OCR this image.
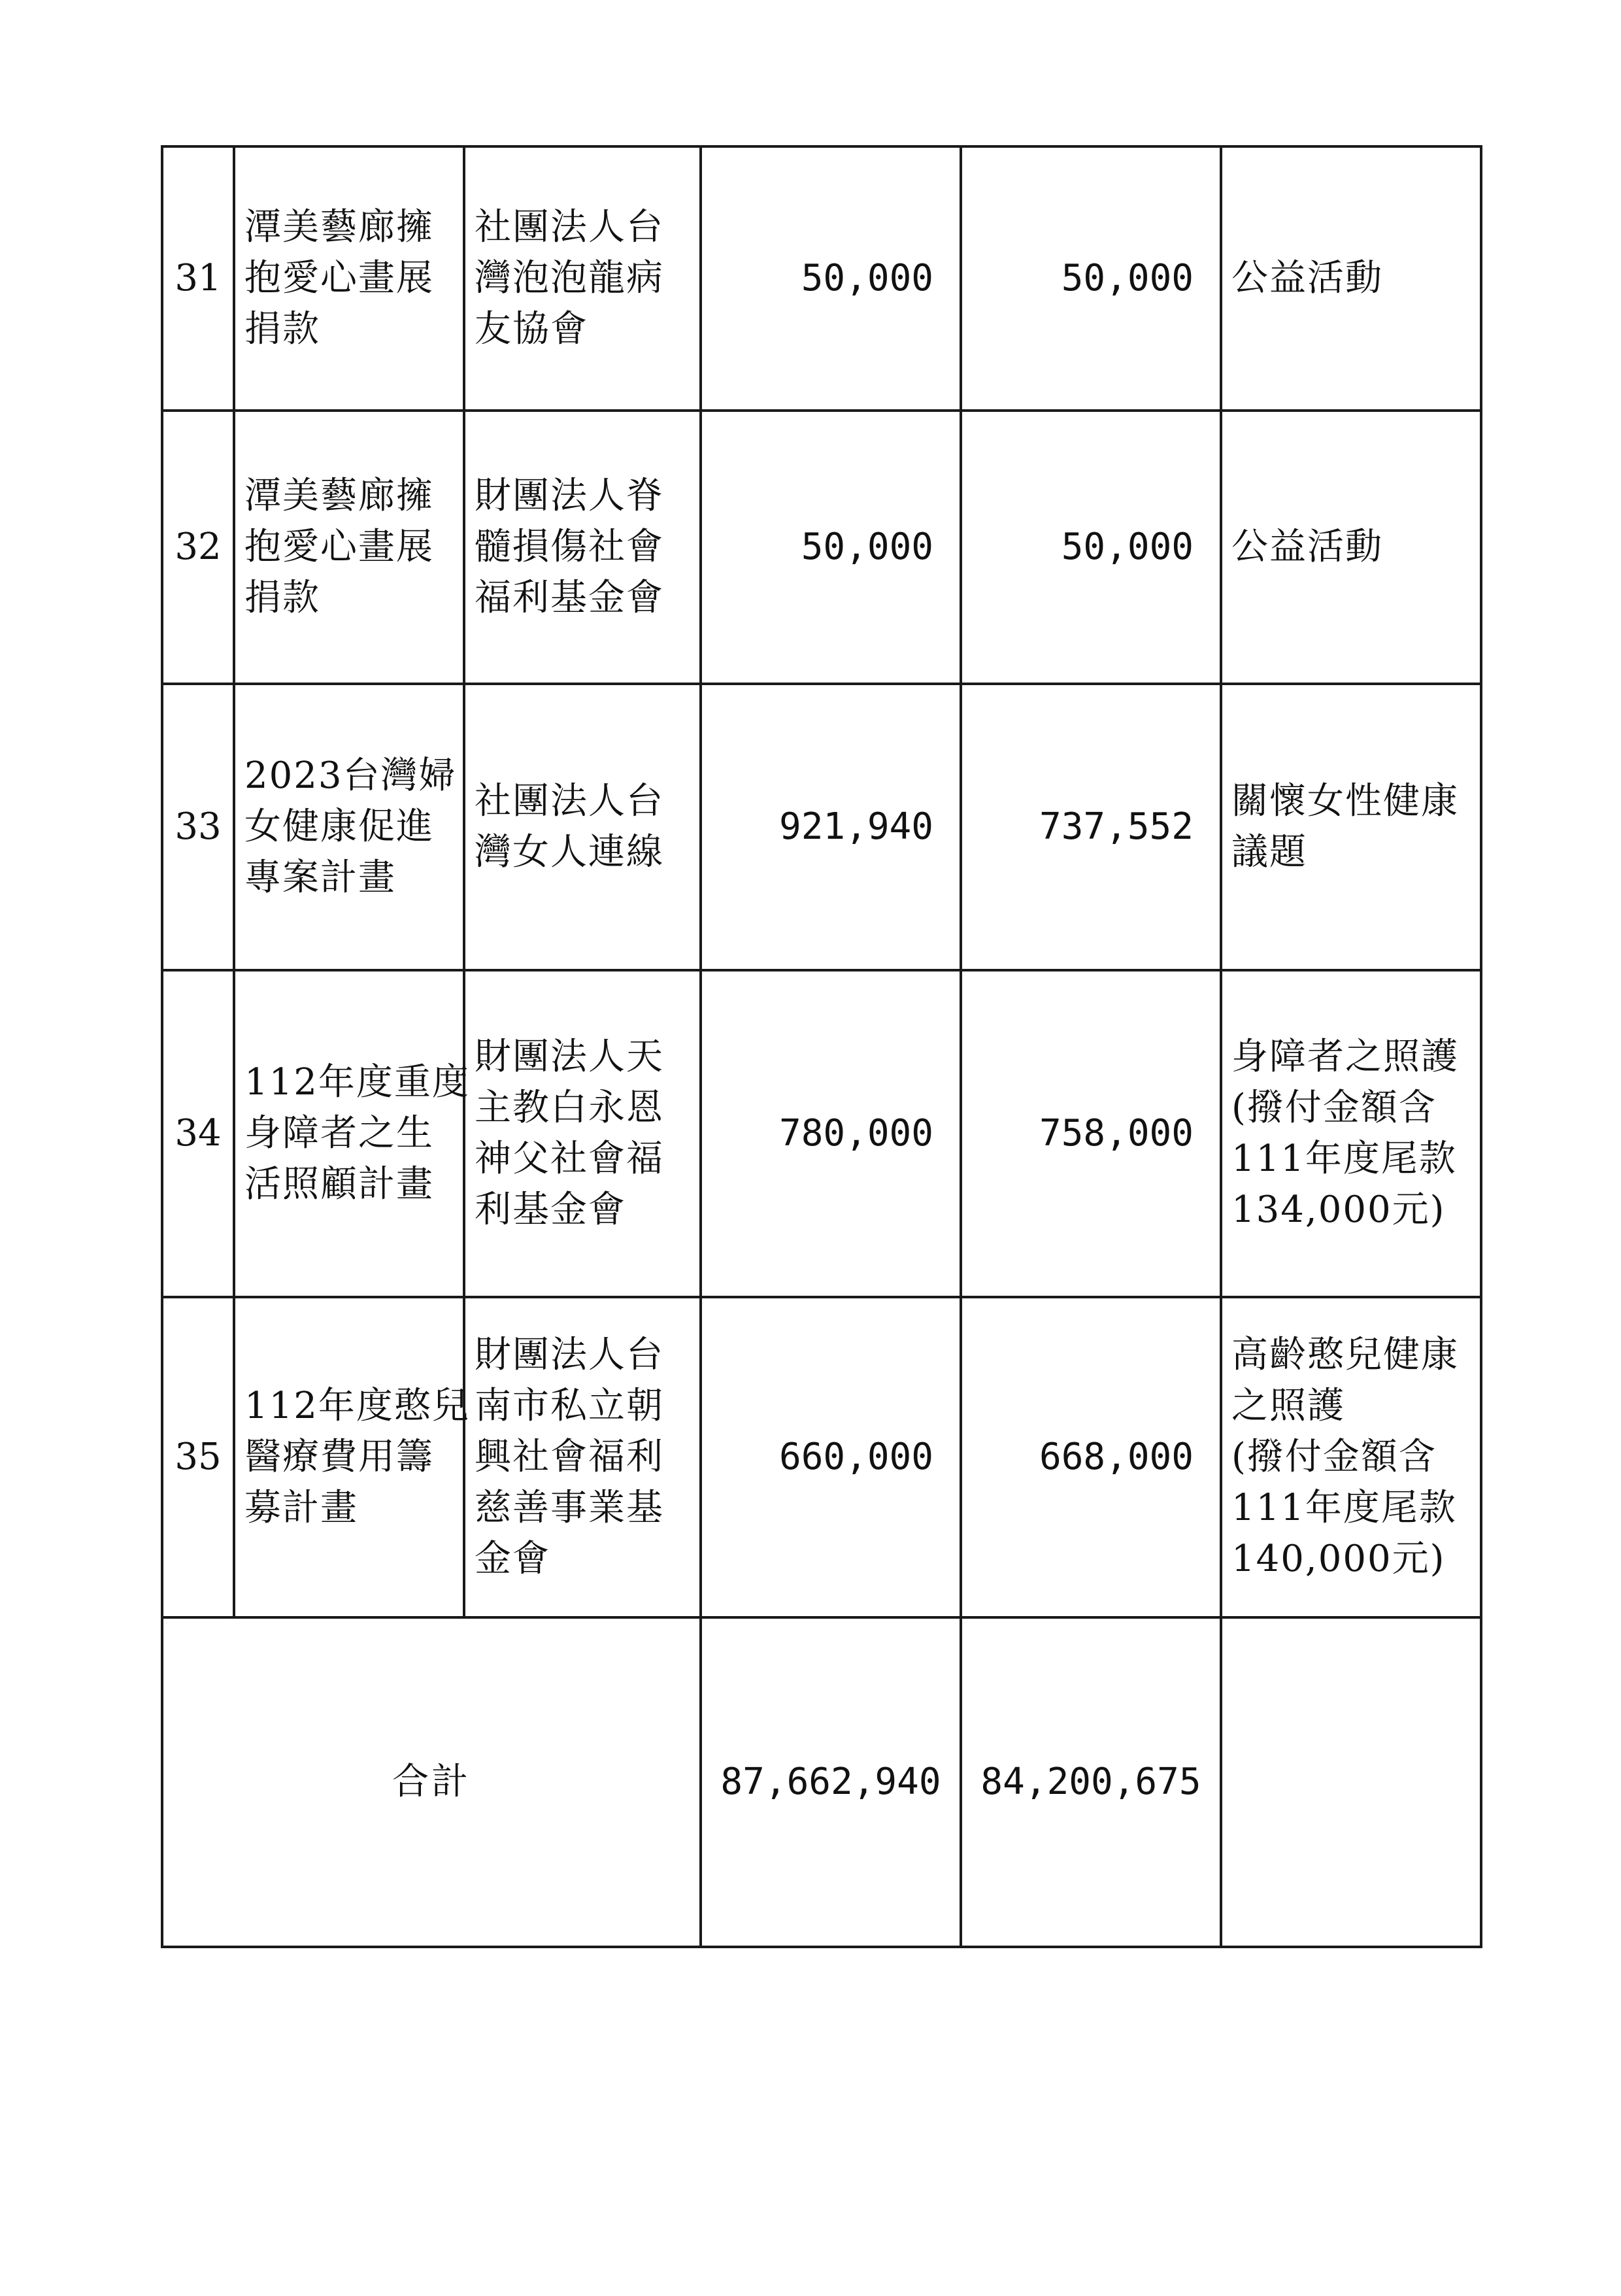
31	潭美藝廊擁
抱愛心畫展
捐款	社團法人台
灣泡泡龍病
友協會	50,000	50,000	公益活動

32	潭美藝廊擁
抱愛心畫展
捐款	財團法人脊
髓損傷社會
福利基金會	50,000	50,000	公益活動

33	2023台灣婦
女健康促進
專案計畫	社團法人台
灣女人連線	921,940	737,552	關懷女性健康
議題

34	112年度重度
身障者之生
活照顧計畫	財團法人天
主教白永恩
神父社會福
利基金會	780,000	758,000	身障者之照護
(撥付金額含
111年度尾款
134,000元)

35	112年度憨兒
醫療費用籌
募計畫	財團法人台
南市私立朝
興社會福利
慈善事業基
金會	660,000	668,000	高齡憨兒健康
之照護
(撥付金額含
111年度尾款
140,000元)

合計			87,662,940	84,200,675	
